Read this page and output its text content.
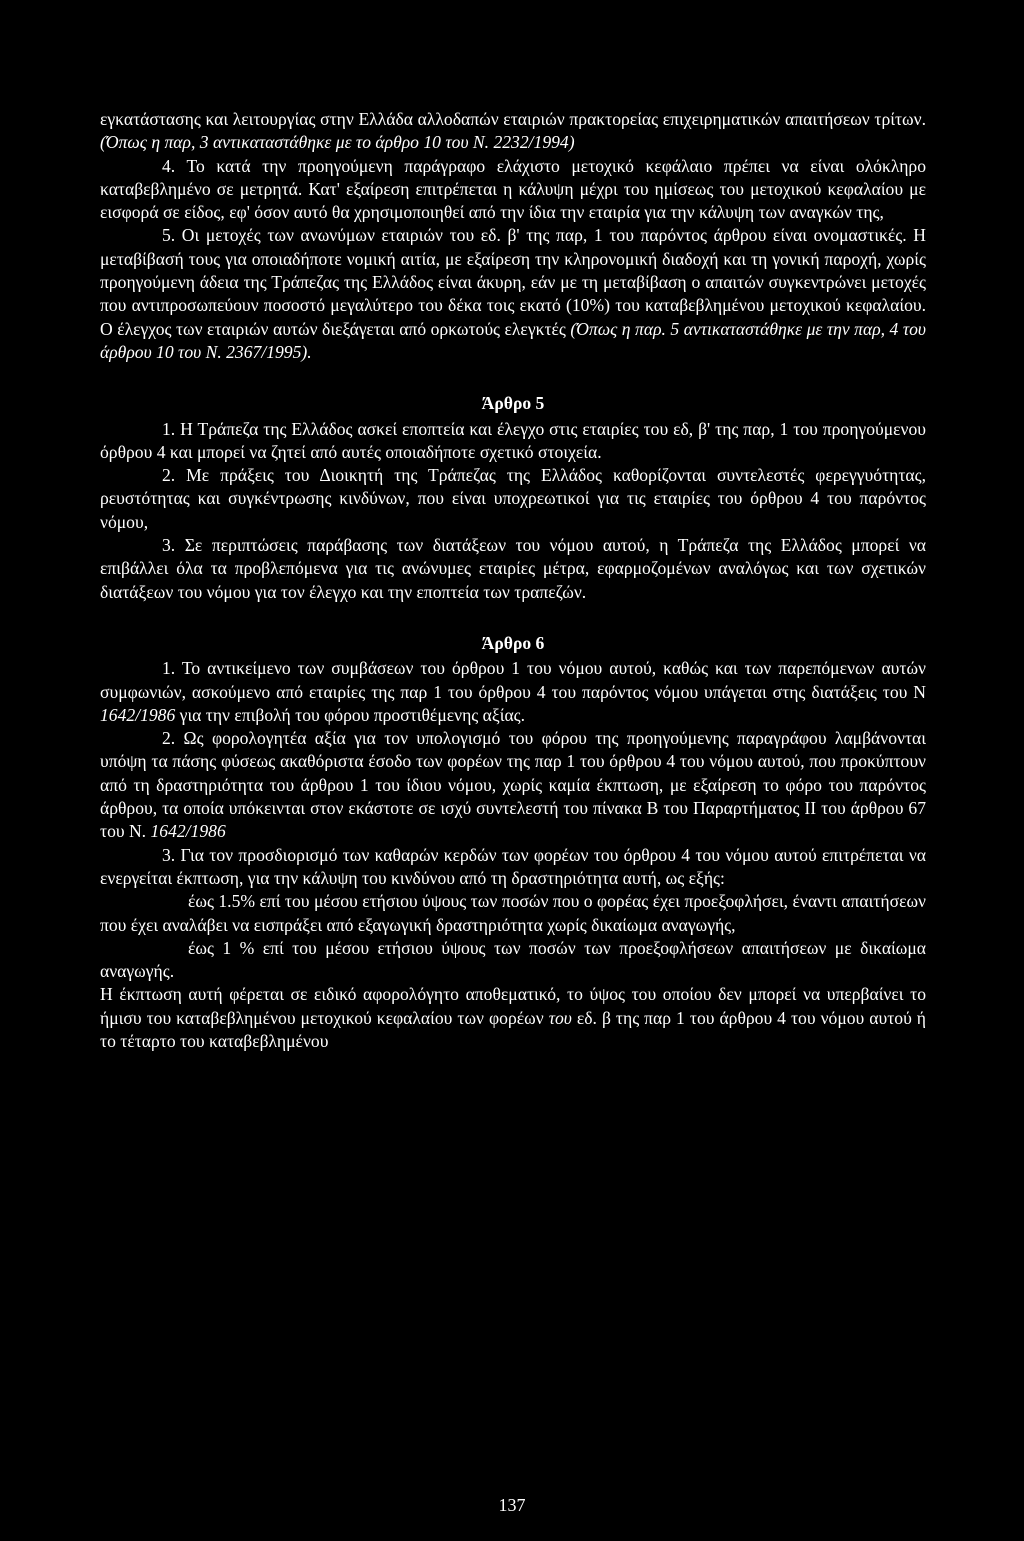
εγκατάστασης και λειτουργίας στην Ελλάδα αλλοδαπών εταιριών πρακτορείας επιχειρηματικών απαιτήσεων τρίτων. (Όπως η παρ, 3 αντικαταστάθηκε με το άρθρο 10 του Ν. 2232/1994)

4. Το κατά την προηγούμενη παράγραφο ελάχιστο μετοχικό κεφάλαιο πρέπει να είναι ολόκληρο καταβεβλημένο σε μετρητά. Κατ' εξαίρεση επιτρέπεται η κάλυψη μέχρι του ημίσεως του μετοχικού κεφαλαίου με εισφορά σε είδος, εφ' όσον αυτό θα χρησιμοποιηθεί από την ίδια την εταιρία για την κάλυψη των αναγκών της,

5. Οι μετοχές των ανωνύμων εταιριών του εδ. β' της παρ, 1 του παρόντος άρθρου είναι ονομαστικές. Η μεταβίβασή τους για οποιαδήποτε νομική αιτία, με εξαίρεση την κληρονομική διαδοχή και τη γονική παροχή, χωρίς προηγούμενη άδεια της Τράπεζας της Ελλάδος είναι άκυρη, εάν με τη μεταβίβαση ο απαιτών συγκεντρώνει μετοχές που αντιπροσωπεύουν ποσοστό μεγαλύτερο του δέκα τοις εκατό (10%) του καταβεβλημένου μετοχικού κεφαλαίου. Ο έλεγχος των εταιριών αυτών διεξάγεται από ορκωτούς ελεγκτές (Όπως η παρ. 5 αντικαταστάθηκε με την παρ, 4 του άρθρου 10 του Ν. 2367/1995).

Άρθρο 5

1. Η Τράπεζα της Ελλάδος ασκεί εποπτεία και έλεγχο στις εταιρίες του εδ, β' της παρ, 1 του προηγούμενου όρθρου 4 και μπορεί να ζητεί από αυτές οποιαδήποτε σχετικό στοιχεία.

2. Με πράξεις του Διοικητή της Τράπεζας της Ελλάδος καθορίζονται συντελεστές φερεγγυότητας, ρευστότητας και συγκέντρωσης κινδύνων, που είναι υποχρεωτικοί για τις εταιρίες του όρθρου 4 του παρόντος νόμου,

3. Σε περιπτώσεις παράβασης των διατάξεων του νόμου αυτού, η Τράπεζα της Ελλάδος μπορεί να επιβάλλει όλα τα προβλεπόμενα για τις ανώνυμες εταιρίες μέτρα, εφαρμοζομένων αναλόγως και των σχετικών διατάξεων του νόμου για τον έλεγχο και την εποπτεία των τραπεζών.

Άρθρο 6

1. Το αντικείμενο των συμβάσεων του όρθρου 1 του νόμου αυτού, καθώς και των παρεπόμενων αυτών συμφωνιών, ασκούμενο από εταιρίες της παρ 1 του όρθρου 4 του παρόντος νόμου υπάγεται στης διατάξεις του Ν 1642/1986 για την επιβολή του φόρου προστιθέμενης αξίας.

2. Ως φορολογητέα αξία για τον υπολογισμό του φόρου της προηγούμενης παραγράφου λαμβάνονται υπόψη τα πάσης φύσεως ακαθόριστα έσοδο των φορέων της παρ 1 του όρθρου 4 του νόμου αυτού, που προκύπτουν από τη δραστηριότητα του άρθρου 1 του ίδιου νόμου, χωρίς καμία έκπτωση, με εξαίρεση το φόρο του παρόντος άρθρου, τα οποία υπόκεινται στον εκάστοτε σε ισχύ συντελεστή του πίνακα Β του Παραρτήματος II του άρθρου 67 του Ν. 1642/1986

3. Για τον προσδιορισμό των καθαρών κερδών των φορέων του όρθρου 4 του νόμου αυτού επιτρέπεται να ενεργείται έκπτωση, για την κάλυψη του κινδύνου από τη δραστηριότητα αυτή, ως εξής:

έως 1.5% επί του μέσου ετήσιου ύψους των ποσών που ο φορέας έχει προεξοφλήσει, έναντι απαιτήσεων που έχει αναλάβει να εισπράξει από εξαγωγική δραστηριότητα χωρίς δικαίωμα αναγωγής,

έως 1 % επί του μέσου ετήσιου ύψους των ποσών των προεξοφλήσεων απαιτήσεων με δικαίωμα αναγωγής.

Η έκπτωση αυτή φέρεται σε ειδικό αφορολόγητο αποθεματικό, το ύψος του οποίου δεν μπορεί να υπερβαίνει το ήμισυ του καταβεβλημένου μετοχικού κεφαλαίου των φορέων του εδ. β της παρ 1 του άρθρου 4 του νόμου αυτού ή το τέταρτο του καταβεβλημένου

137
